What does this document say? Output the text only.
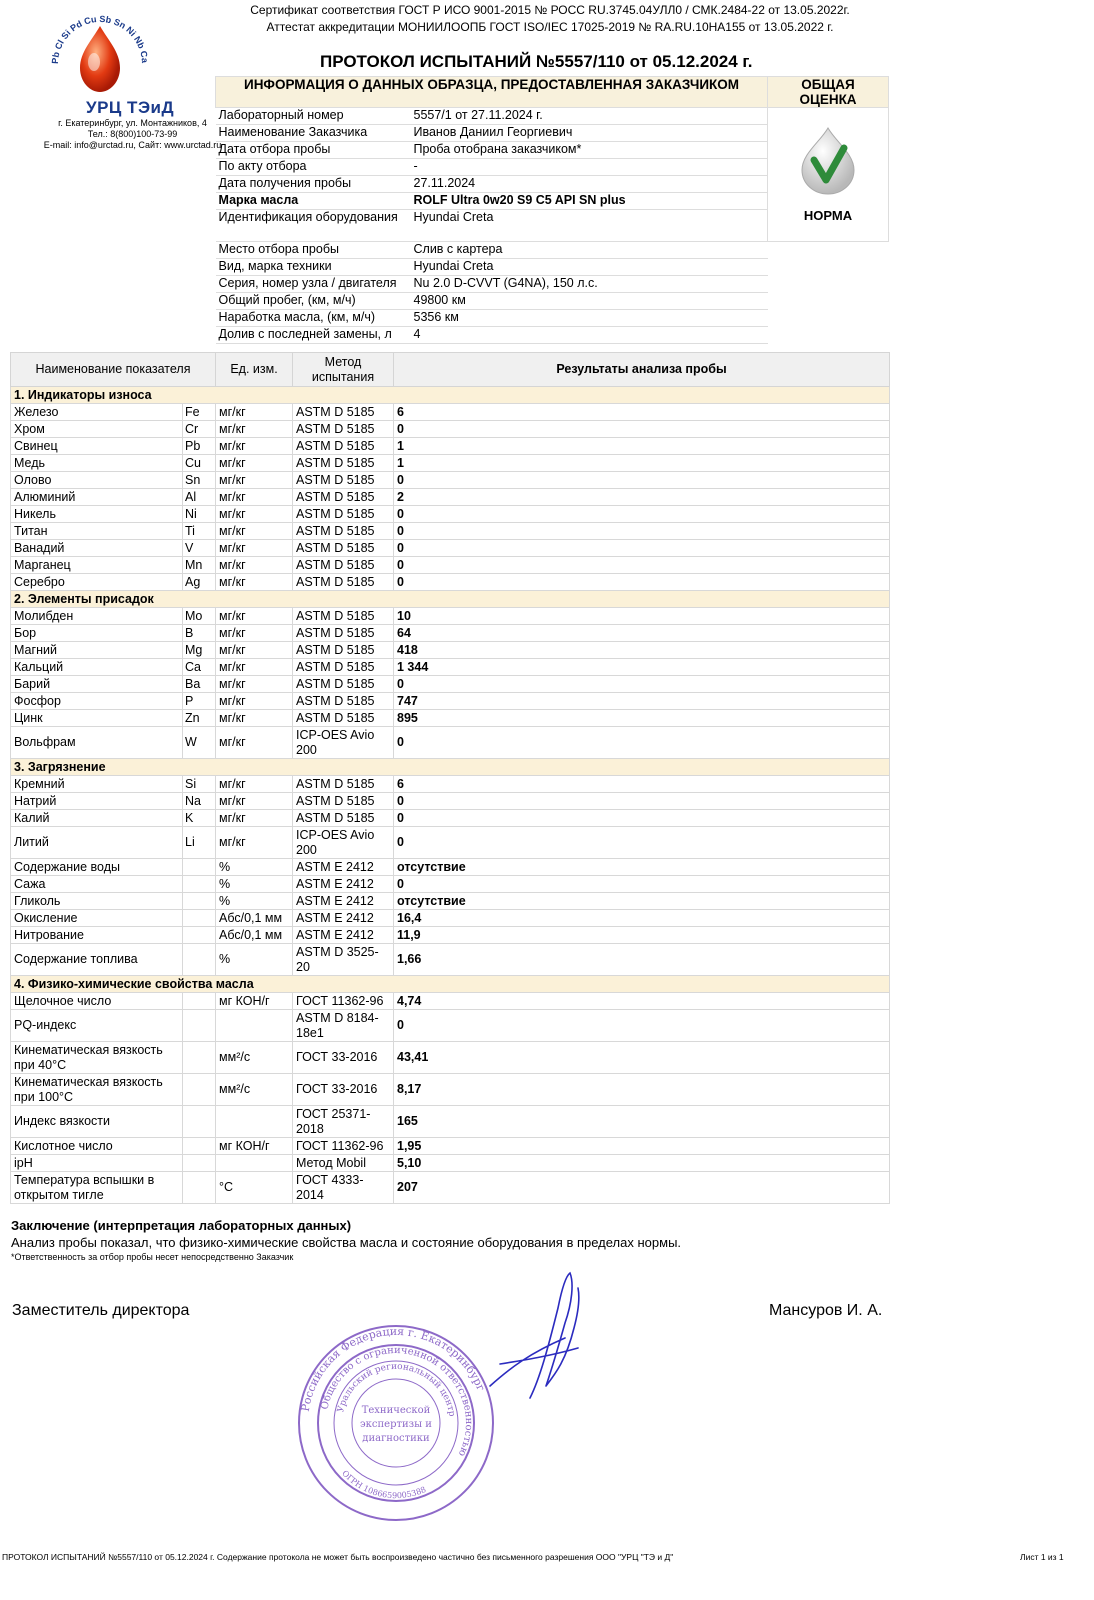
Pb Cl Si Pd Cu Sb Sn Ni Nb Ca
УРЦ ТЭиД
г. Екатеринбург, ул. Монтажников, 4
Тел.: 8(800)100-73-99
E-mail: info@urctad.ru, Сайт: www.urctad.ru
Сертификат соответствия ГОСТ Р ИСО 9001-2015 № РОСС RU.3745.04УЛЛ0 / СМК.2484-22 от 13.05.2022г.
Аттестат аккредитации МОНИИЛООПБ ГОСТ ISO/IEC 17025-2019 № RA.RU.10HA155 от 13.05.2022 г.
ПРОТОКОЛ ИСПЫТАНИЙ №5557/110 от 05.12.2024 г.
ИНФОРМАЦИЯ О ДАННЫХ ОБРАЗЦА, ПРЕДОСТАВЛЕННАЯ ЗАКАЗЧИКОМ		ОБЩАЯ ОЦЕНКА
Лабораторный номер	5557/1 от 27.11.2024 г.	НОРМА

Наименование Заказчика	Иванов Даниил Георгиевич	
Дата отбора пробы	Проба отобрана заказчиком*	
По акту отбора	-	
Дата получения пробы	27.11.2024	
Марка масла	ROLF Ultra 0w20 S9 C5 API SN plus	
Идентификация оборудования	Hyundai Creta	
Место отбора пробы	Слив с картера	
Вид, марка техники	Hyundai Creta	
Серия, номер узла / двигателя	Nu 2.0 D-CVVT (G4NA), 150 л.с.	
Общий пробег, (км, м/ч)	49800 км	
Наработка масла, (км, м/ч)	5356 км	
Долив с последней замены, л	4	
Наименование показателя		Ед. изм.	Метод испытания	Результаты анализа пробы
1. Индикаторы износа				
Железо	Fe	мг/кг	ASTM D 5185	6
Хром	Cr	мг/кг	ASTM D 5185	0
Свинец	Pb	мг/кг	ASTM D 5185	1
Медь	Cu	мг/кг	ASTM D 5185	1
Олово	Sn	мг/кг	ASTM D 5185	0
Алюминий	Al	мг/кг	ASTM D 5185	2
Никель	Ni	мг/кг	ASTM D 5185	0
Титан	Ti	мг/кг	ASTM D 5185	0
Ванадий	V	мг/кг	ASTM D 5185	0
Марганец	Mn	мг/кг	ASTM D 5185	0
Серебро	Ag	мг/кг	ASTM D 5185	0
2. Элементы присадок				
Молибден	Mo	мг/кг	ASTM D 5185	10
Бор	B	мг/кг	ASTM D 5185	64
Магний	Mg	мг/кг	ASTM D 5185	418
Кальций	Ca	мг/кг	ASTM D 5185	1 344
Барий	Ba	мг/кг	ASTM D 5185	0
Фосфор	P	мг/кг	ASTM D 5185	747
Цинк	Zn	мг/кг	ASTM D 5185	895
Вольфрам	W	мг/кг	ICP-OES Avio 200	0
3. Загрязнение				
Кремний	Si	мг/кг	ASTM D 5185	6
Натрий	Na	мг/кг	ASTM D 5185	0
Калий	K	мг/кг	ASTM D 5185	0
Литий	Li	мг/кг	ICP-OES Avio 200	0
Содержание воды		%	ASTM E 2412	отсутствие
Сажа		%	ASTM E 2412	0
Гликоль		%	ASTM E 2412	отсутствие
Окисление		Абс/0,1 мм	ASTM E 2412	16,4
Нитрование		Абс/0,1 мм	ASTM E 2412	11,9
Содержание топлива		%	ASTM D 3525-20	1,66
4. Физико-химические свойства масла				
Щелочное число		мг КОН/г	ГОСТ 11362-96	4,74
PQ-индекс			ASTM D 8184-18e1	0
Кинематическая вязкость при 40°С		мм²/с	ГОСТ 33-2016	43,41
Кинематическая вязкость при 100°С		мм²/с	ГОСТ 33-2016	8,17
Индекс вязкости			ГОСТ 25371-2018	165
Кислотное число		мг КОН/г	ГОСТ 11362-96	1,95
ipH			Метод Mobil	5,10
Температура вспышки в открытом тигле		°С	ГОСТ 4333-2014	207
Заключение (интерпретация лабораторных данных)
Анализ пробы показал, что физико-химические свойства масла и состояние оборудования в пределах нормы.
*Ответственность за отбор пробы несет непосредственно Заказчик
Заместитель директора	Мансуров И. А.
Российская Федерация г. Екатеринбург
Общество с ограниченной ответственностью
Уральский региональный центр
ОГРН 1086659005388
Технической
экспертизы и
диагностики
ПРОТОКОЛ ИСПЫТАНИЙ №5557/110 от 05.12.2024 г. Содержание протокола не может быть воспроизведено частично без письменного разрешения ООО "УРЦ "ТЭ и Д"	Лист 1 из 1
